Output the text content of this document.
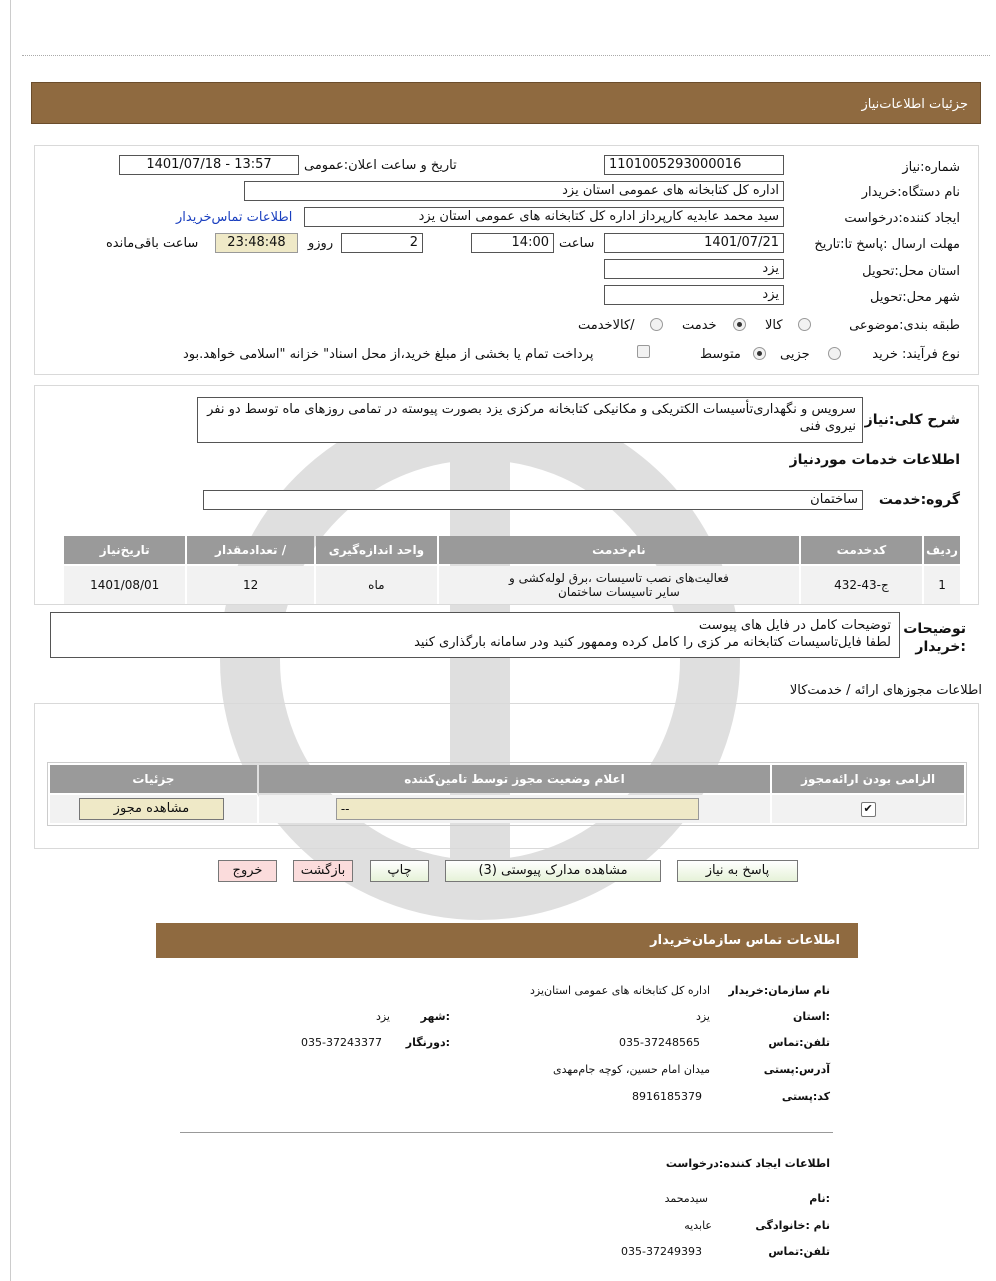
جزئیات اطلاعات‌نیاز
شماره:نیاز
1101005293000016
تاریخ و ساعت اعلان:عمومی
1401/07/18 - 13:57
نام دستگاه:خریدار
اداره کل کتابخانه های عمومی استان یزد
ایجاد کننده:درخواست
سید محمد عابدیه کارپرداز اداره کل کتابخانه های عمومی استان یزد
اطلاعات تماس‌خریدار
مهلت ارسال :پاسخ تا:تاریخ
1401/07/21
ساعت
14:00
2
روزو
23:48:48
ساعت باقی‌مانده
استان محل:تحویل
یزد
شهر محل:تحویل
یزد
طبقه بندی:موضوعی
کالا
خدمت
/کالاخدمت
نوع فرآیند: خرید
جزیی
متوسط
پرداخت تمام یا بخشی از مبلغ خرید،از محل اسناد" خزانه "اسلامی خواهد.بود
شرح کلی:نیاز
سرویس و نگهداری‌تأسیسات الکتریکی و مکانیکی کتابخانه مرکزی یزد بصورت پیوسته در تمامی روزهای ماه توسط دو نفر نیروی فنی
اطلاعات خدمات موردنیاز
گروه:خدمت
ساختمان
ردیف	کدخدمت	نام‌خدمت	واحد اندازه‌گیری	/ تعداد‌مقدار	تاریخ‌نیاز
1	ج-43-432	فعالیت‌های نصب تاسیسات ،برق لوله‌کشی و سایر تاسیسات ساختمان	ماه	12	1401/08/01
توضیحات :خریدار
توضیحات کامل در فایل های پیوست
لطفا فایل‌تاسیسات کتابخانه مر کزی را کامل کرده وممهور کنید ودر سامانه بارگذاری کنید
اطلاعات مجوزهای ارائه / خدمت‌کالا
الزامی بودن ارائه‌مجوز	اعلام وضعیت مجوز توسط تامین‌کننده	جزئیات
✔	--	مشاهده مجوز
پاسخ به نیاز
مشاهده مدارک پیوستی (3)
چاپ
بازگشت
خروج
اطلاعات تماس سازمان‌خریدار
نام سازمان:خریدار
اداره کل کتابخانه های عمومی استان‌یزد
:استان
یزد
:شهر
یزد
تلفن:تماس
035-37248565
:دورنگار
035-37243377
آدرس:پستی
میدان امام حسین، کوچه جام‌مهدی
کد:پستی
8916185379
اطلاعات ایجاد کننده:درخواست
:نام
سیدمحمد
نام :خانوادگی
عابدیه
تلفن:تماس
035-37249393
